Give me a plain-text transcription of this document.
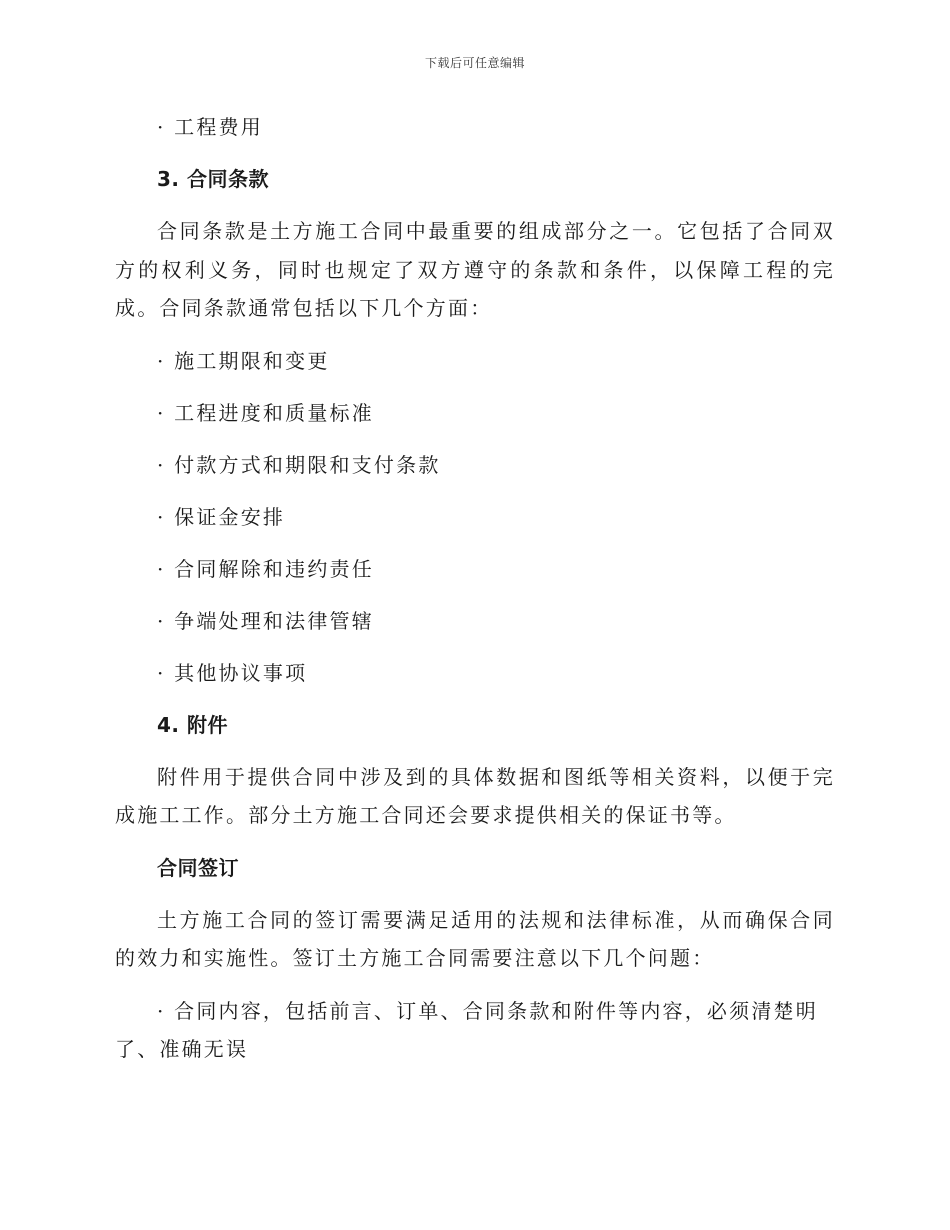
下载后可任意编辑

· 工程费用

3. 合同条款

合同条款是土方施工合同中最重要的组成部分之一。它包括了合同双方的权利义务，同时也规定了双方遵守的条款和条件，以保障工程的完成。合同条款通常包括以下几个方面：

· 施工期限和变更

· 工程进度和质量标准

· 付款方式和期限和支付条款

· 保证金安排

· 合同解除和违约责任

· 争端处理和法律管辖

· 其他协议事项

4. 附件

附件用于提供合同中涉及到的具体数据和图纸等相关资料，以便于完成施工工作。部分土方施工合同还会要求提供相关的保证书等。

合同签订

土方施工合同的签订需要满足适用的法规和法律标准，从而确保合同的效力和实施性。签订土方施工合同需要注意以下几个问题：

· 合同内容，包括前言、订单、合同条款和附件等内容，必须清楚明
了、准确无误
